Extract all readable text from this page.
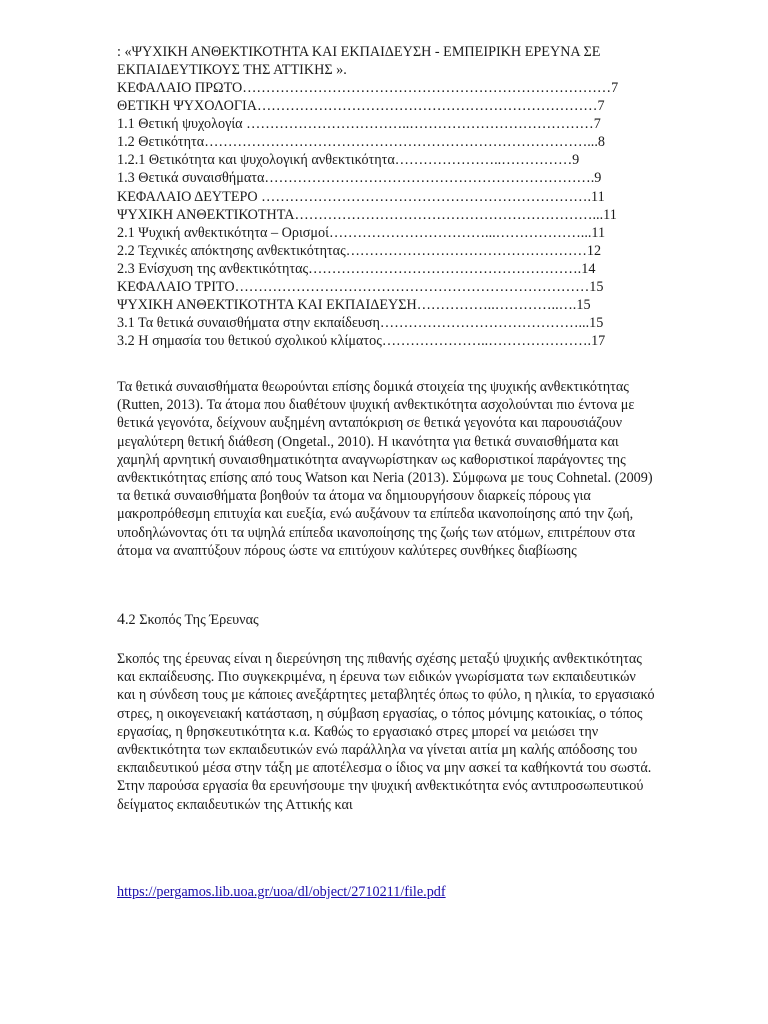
: «ΨΥΧΙΚΗ ΑΝΘΕΚΤΙΚΟΤΗΤΑ ΚΑΙ ΕΚΠΑΙΔΕΥΣΗ - ΕΜΠΕΙΡΙΚΗ ΕΡΕΥΝΑ ΣΕ ΕΚΠΑΙΔΕΥΤΙΚΟΥΣ ΤΗΣ ΑΤΤΙΚΗΣ ».

ΚΕΦΑΛΑΙΟ ΠΡΩΤΟ……………………………………………………………………7
ΘΕΤΙΚΗ ΨΥΧΟΛΟΓΙΑ………………………………………………………………7
1.1 Θετική ψυχολογία ……………………………..…………………………………7
1.2 Θετικότητα………………………………………………………………………...8
1.2.1 Θετικότητα και ψυχολογική ανθεκτικότητα…………………..……………9
1.3 Θετικά συναισθήματα…………………………………………………………….9
ΚΕΦΑΛΑΙΟ ΔΕΥΤΕΡΟ …………………………………………………………….11
ΨΥΧΙΚΗ ΑΝΘΕΚΤΙΚΟΤΗΤΑ………………………………………………………...11
2.1 Ψυχική ανθεκτικότητα – Ορισμοί……………………………...………………...11
2.2 Τεχνικές απόκτησης ανθεκτικότητας……………………………………………12
2.3 Ενίσχυση της ανθεκτικότητας………………………………………………….14
ΚΕΦΑΛΑΙΟ ΤΡΙΤΟ…………………………………………………………………15
ΨΥΧΙΚΗ ΑΝΘΕΚΤΙΚΟΤΗΤΑ ΚΑΙ ΕΚΠΑΙΔΕΥΣΗ……………..…………..….15
3.1 Τα θετικά συναισθήματα στην εκπαίδευση……………………………………...15
3.2 Η σημασία του θετικού σχολικού κλίματος…………………..………………….17

Τα θετικά συναισθήματα θεωρούνται επίσης δομικά στοιχεία της ψυχικής ανθεκτικότητας (Rutten, 2013). Τα άτομα που διαθέτουν ψυχική ανθεκτικότητα ασχολούνται πιο έντονα με θετικά γεγονότα, δείχνουν αυξημένη ανταπόκριση σε θετικά γεγονότα και παρουσιάζουν μεγαλύτερη θετική διάθεση (Ongetal., 2010). Η ικανότητα για θετικά συναισθήματα και χαμηλή αρνητική συναισθηματικότητα αναγνωρίστηκαν ως καθοριστικοί παράγοντες της ανθεκτικότητας επίσης από τους Watson και Neria (2013). Σύμφωνα με τους Cohnetal. (2009) τα θετικά συναισθήματα βοηθούν τα άτομα να δημιουργήσουν διαρκείς πόρους για μακροπρόθεσμη επιτυχία και ευεξία, ενώ αυξάνουν τα επίπεδα ικανοποίησης από την ζωή, υποδηλώνοντας ότι τα υψηλά επίπεδα ικανοποίησης της ζωής των ατόμων, επιτρέπουν στα άτομα να αναπτύξουν πόρους ώστε να επιτύχουν καλύτερες συνθήκες διαβίωσης

4.2 Σκοπός Της Έρευνας

Σκοπός της έρευνας είναι η διερεύνηση της πιθανής σχέσης μεταξύ ψυχικής ανθεκτικότητας και εκπαίδευσης. Πιο συγκεκριμένα, η έρευνα των ειδικών γνωρίσματα των εκπαιδευτικών και η σύνδεση τους με κάποιες ανεξάρτητες μεταβλητές όπως το φύλο, η ηλικία, το εργασιακό στρες, η οικογενειακή κατάσταση, η σύμβαση εργασίας, ο τόπος μόνιμης κατοικίας, ο τόπος εργασίας, η θρησκευτικότητα κ.α. Καθώς το εργασιακό στρες μπορεί να μειώσει την ανθεκτικότητα των εκπαιδευτικών ενώ παράλληλα να γίνεται αιτία μη καλής απόδοσης του εκπαιδευτικού μέσα στην τάξη με αποτέλεσμα ο ίδιος να μην ασκεί τα καθήκοντά του σωστά. Στην παρούσα εργασία θα ερευνήσουμε την ψυχική ανθεκτικότητα ενός αντιπροσωπευτικού δείγματος εκπαιδευτικών της Αττικής και

https://pergamos.lib.uoa.gr/uoa/dl/object/2710211/file.pdf
